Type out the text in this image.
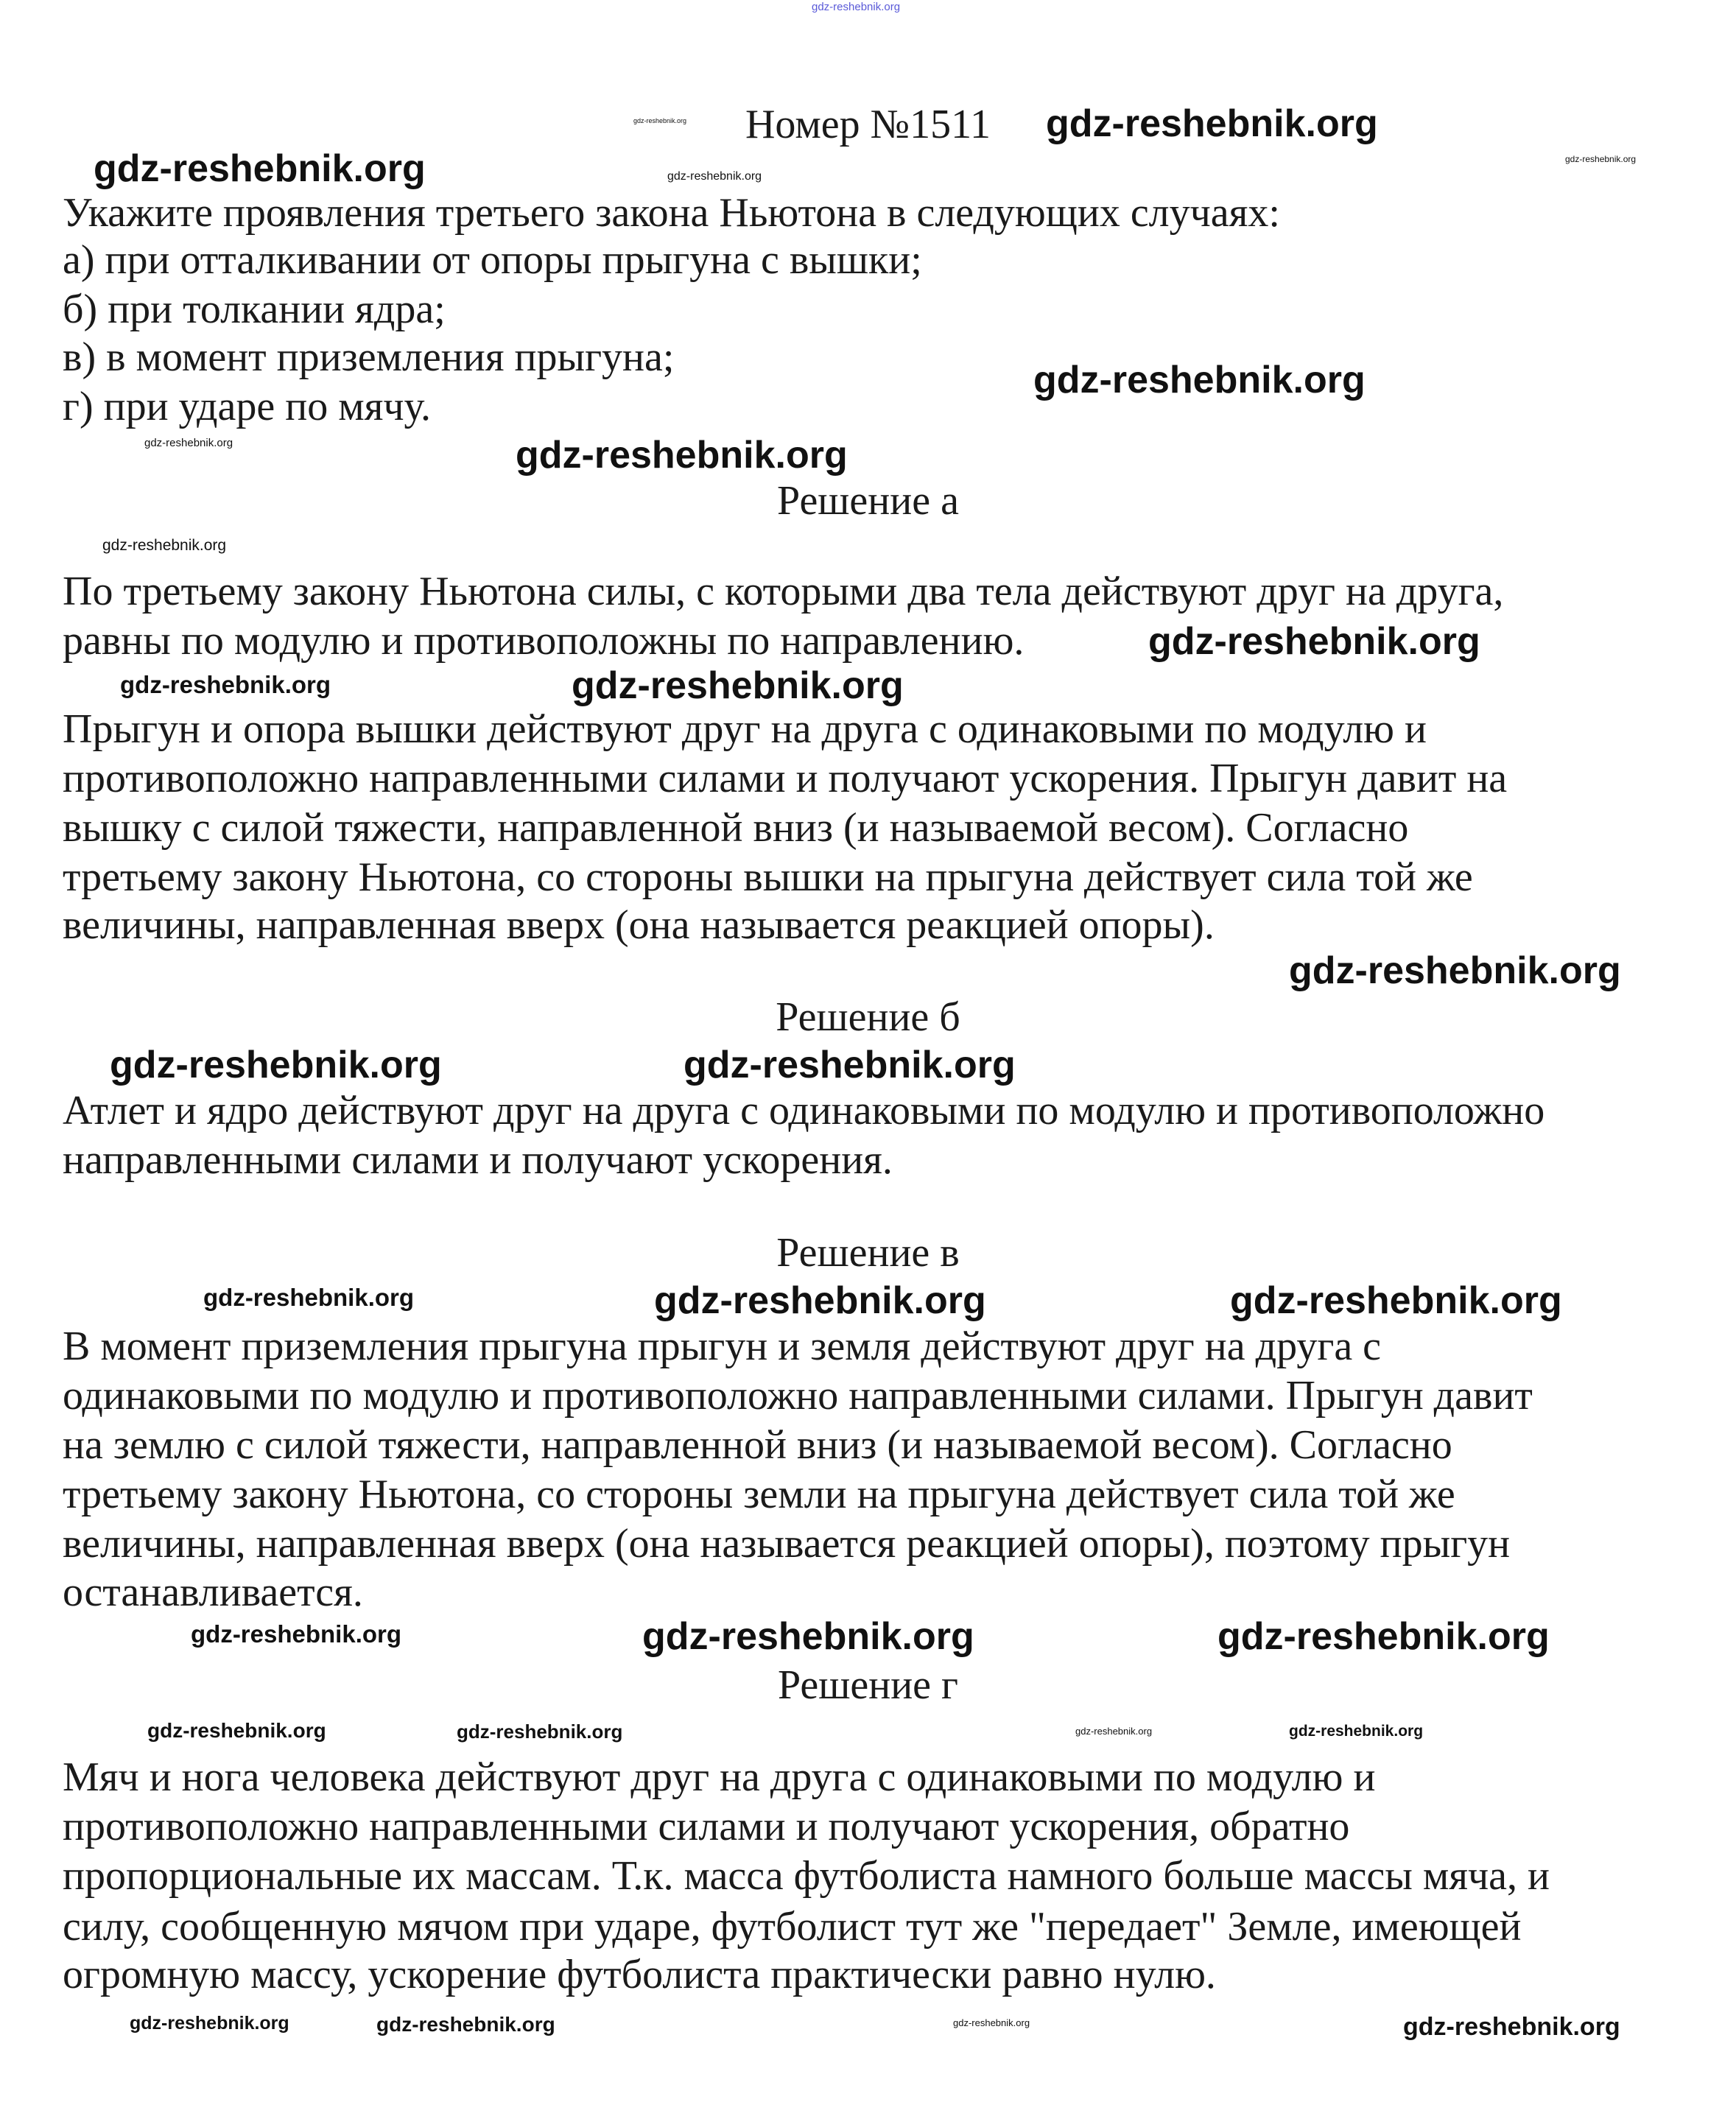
Номер №1511
Укажите проявления третьего закона Ньютона в следующих случаях:
а) при отталкивании от опоры прыгуна с вышки;
б) при толкании ядра;
в) в момент приземления прыгуна;
г) при ударе по мячу.
Решение а
По третьему закону Ньютона силы, с которыми два тела действуют друг на друга,
равны по модулю и противоположны по направлению.
Прыгун и опора вышки действуют друг на друга с одинаковыми по модулю и
противоположно направленными силами и получают ускорения. Прыгун давит на
вышку с силой тяжести, направленной вниз (и называемой весом). Согласно
третьему закону Ньютона, со стороны вышки на прыгуна действует сила той же
величины, направленная вверх (она называется реакцией опоры).
Решение б
Атлет и ядро действуют друг на друга с одинаковыми по модулю и противоположно
направленными силами и получают ускорения.
Решение в
В момент приземления прыгуна прыгун и земля действуют друг на друга с
одинаковыми по модулю и противоположно направленными силами. Прыгун давит
на землю с силой тяжести, направленной вниз (и называемой весом). Согласно
третьему закону Ньютона, со стороны земли на прыгуна действует сила той же
величины, направленная вверх (она называется реакцией опоры), поэтому прыгун
останавливается.
Решение г
Мяч и нога человека действуют друг на друга с одинаковыми по модулю и
противоположно направленными силами и получают ускорения, обратно
пропорциональные их массам. Т.к. масса футболиста намного больше массы мяча, и
силу, сообщенную мячом при ударе, футболист тут же "передает" Земле, имеющей
огромную массу, ускорение футболиста практически равно нулю.
gdz-reshebnik.org
gdz-reshebnik.org	gdz-reshebnik.org
gdz-reshebnik.org
gdz-reshebnik.org	gdz-reshebnik.org
gdz-reshebnik.org
gdz-reshebnik.org
gdz-reshebnik.org
gdz-reshebnik.org
gdz-reshebnik.org
gdz-reshebnik.org	gdz-reshebnik.org
gdz-reshebnik.org
gdz-reshebnik.org	gdz-reshebnik.org
gdz-reshebnik.org	gdz-reshebnik.org	gdz-reshebnik.org
gdz-reshebnik.org	gdz-reshebnik.org
gdz-reshebnik.org
gdz-reshebnik.org	gdz-reshebnik.org	gdz-reshebnik.org	gdz-reshebnik.org
gdz-reshebnik.org	gdz-reshebnik.org	gdz-reshebnik.org	gdz-reshebnik.org
